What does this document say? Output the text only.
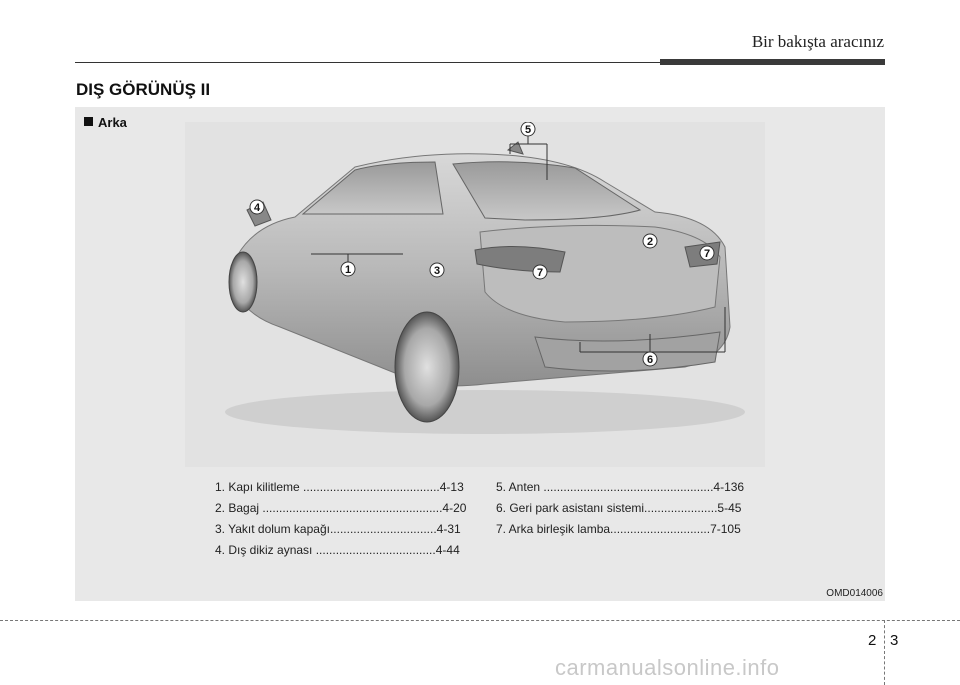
Bir bakışta aracınız
DIŞ GÖRÜNÜŞ II
Arka	5
4
2
7
1	3	7
6
1. Kapı kilitleme .........................................4-13
2. Bagaj ......................................................4-20
3. Yakıt dolum kapağı................................4-31
4. Dış dikiz aynası ....................................4-44
5. Anten ...................................................4-136
6. Geri park asistanı sistemi......................5-45
7. Arka birleşik lamba..............................7-105
OMD014006
2 3
carmanualsonline.info
